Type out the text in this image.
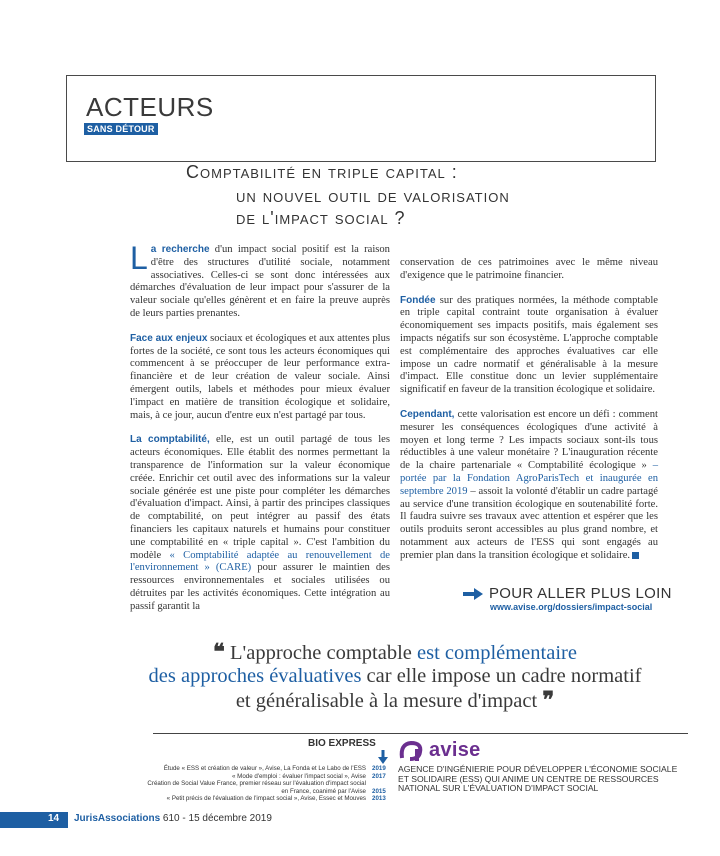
ACTEURS
SANS DÉTOUR
Comptabilité en triple capital :
un nouvel outil de valorisation
de l'impact social ?

La recherche d'un impact social positif est la raison d'être des structures d'utilité sociale, notamment associatives. Celles-ci se sont donc intéressées aux démarches d'évaluation de leur impact pour s'assurer de la valeur sociale qu'elles génèrent et en faire la preuve auprès de leurs parties prenantes.

Face aux enjeux sociaux et écologiques et aux attentes plus fortes de la société, ce sont tous les acteurs économiques qui commencent à se préoccuper de leur performance extra-financière et de leur création de valeur sociale. Ainsi émergent outils, labels et méthodes pour mieux évaluer l'impact en matière de transition écologique et solidaire, mais, à ce jour, aucun d'entre eux n'est partagé par tous.

La comptabilité, elle, est un outil partagé de tous les acteurs économiques. Elle établit des normes permettant la transparence de l'information sur la valeur économique créée. Enrichir cet outil avec des informations sur la valeur sociale générée est une piste pour compléter les démarches d'évaluation d'impact. Ainsi, à partir des principes classiques de comptabilité, on peut intégrer au passif des états financiers les capitaux naturels et humains pour constituer une comptabilité en « triple capital ». C'est l'ambition du modèle « Comptabilité adaptée au renouvellement de l'environnement » (CARE) pour assurer le maintien des ressources environnementales et sociales utilisées ou détruites par les activités économiques. Cette intégration au passif garantit la

conservation de ces patrimoines avec le même niveau d'exigence que le patrimoine financier.

Fondée sur des pratiques normées, la méthode comptable en triple capital contraint toute organisation à évaluer économiquement ses impacts positifs, mais également ses impacts négatifs sur son écosystème. L'approche comptable est complémentaire des approches évaluatives car elle impose un cadre normatif et généralisable à la mesure d'impact. Elle constitue donc un levier supplémentaire significatif en faveur de la transition écologique et solidaire.

Cependant, cette valorisation est encore un défi : comment mesurer les conséquences écologiques d'une activité à moyen et long terme ? Les impacts sociaux sont-ils tous réductibles à une valeur monétaire ? L'inauguration récente de la chaire partenariale « Comptabilité écologique » – portée par la Fondation AgroParisTech et inaugurée en septembre 2019 – assoit la volonté d'établir un cadre partagé au service d'une transition écologique en soutenabilité forte. Il faudra suivre ses travaux avec attention et espérer que les outils produits seront accessibles au plus grand nombre, et notamment aux acteurs de l'ESS qui sont engagés au premier plan dans la transition écologique et solidaire.

POUR ALLER PLUS LOIN
www.avise.org/dossiers/impact-social
❝ L'approche comptable est complémentaire
des approches évaluatives car elle impose un cadre normatif
et généralisable à la mesure d'impact ❞
BIO EXPRESS
Étude « ESS et création de valeur », Avise, La Fonda et Le Labo de l'ESS 2019
« Mode d'emploi : évaluer l'impact social », Avise 2017
Création de Social Value France, premier réseau sur l'évaluation d'impact social
en France, coanimé par l'Avise 2015
« Petit précis de l'évaluation de l'impact social », Avise, Essec et Mouves 2013
avise
AGENCE D'INGÉNIERIE POUR DÉVELOPPER L'ÉCONOMIE SOCIALE ET SOLIDAIRE (ESS) QUI ANIME UN CENTRE DE RESSOURCES NATIONAL SUR L'ÉVALUATION D'IMPACT SOCIAL
14 JurisAssociations 610 - 15 décembre 2019
